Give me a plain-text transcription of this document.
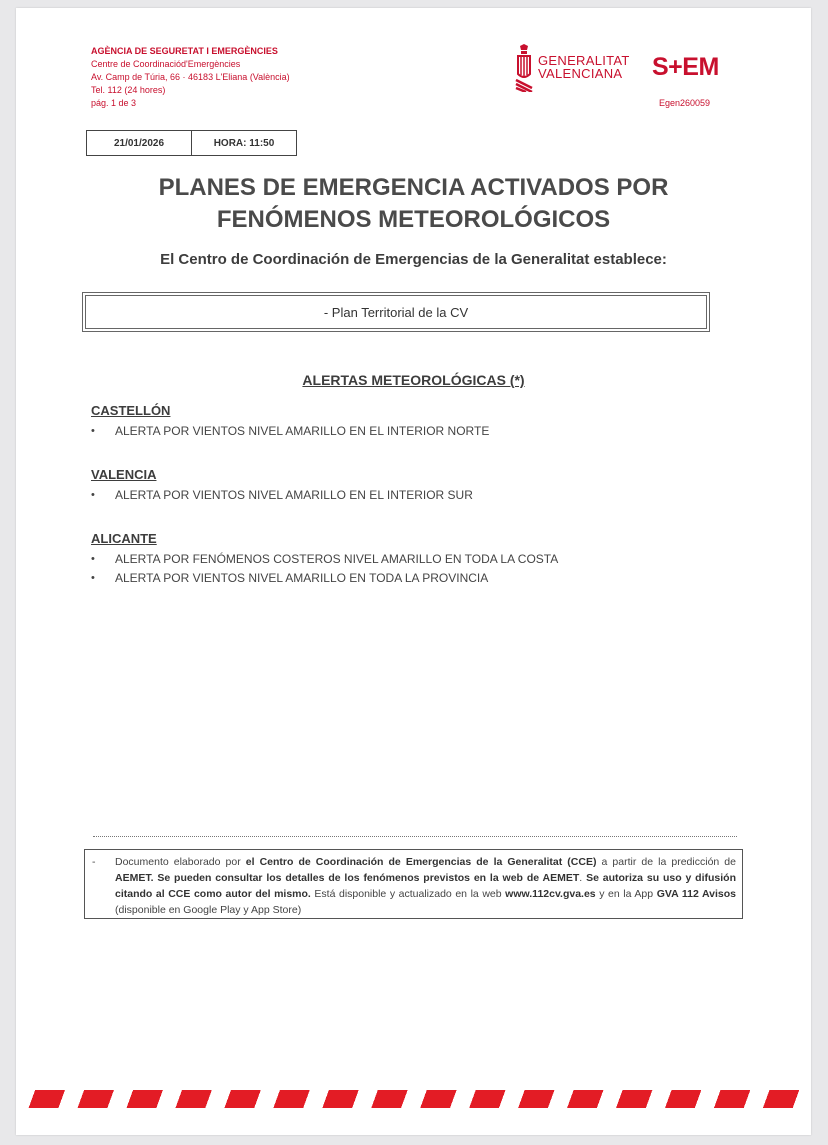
AGÈNCIA DE SEGURETAT I EMERGÈNCIES
Centre de Coordinaciód'Emergències
Av. Camp de Túria, 66 · 46183 L'Eliana (València)
Tel. 112 (24 hores)
pág. 1 de 3
GENERALITAT
VALENCIANA S+EM
Egen260059
21/01/2026	HORA: 11:50
PLANES DE EMERGENCIA ACTIVADOS POR
FENÓMENOS METEOROLÓGICOS
El Centro de Coordinación de Emergencias de la Generalitat establece:
- Plan Territorial de la CV
ALERTAS METEOROLÓGICAS (*)
CASTELLÓN
• ALERTA POR VIENTOS NIVEL AMARILLO EN EL INTERIOR NORTE
VALENCIA
• ALERTA POR VIENTOS NIVEL AMARILLO EN EL INTERIOR SUR
ALICANTE
• ALERTA POR FENÓMENOS COSTEROS NIVEL AMARILLO EN TODA LA COSTA
• ALERTA POR VIENTOS NIVEL AMARILLO EN TODA LA PROVINCIA
- Documento elaborado por el Centro de Coordinación de Emergencias de la Generalitat (CCE) a partir de la predicción de AEMET. Se pueden consultar los detalles de los fenómenos previstos en la web de AEMET. Se autoriza su uso y difusión citando al CCE como autor del mismo. Está disponible y actualizado en la web www.112cv.gva.es y en la App GVA 112 Avisos (disponible en Google Play y App Store)
